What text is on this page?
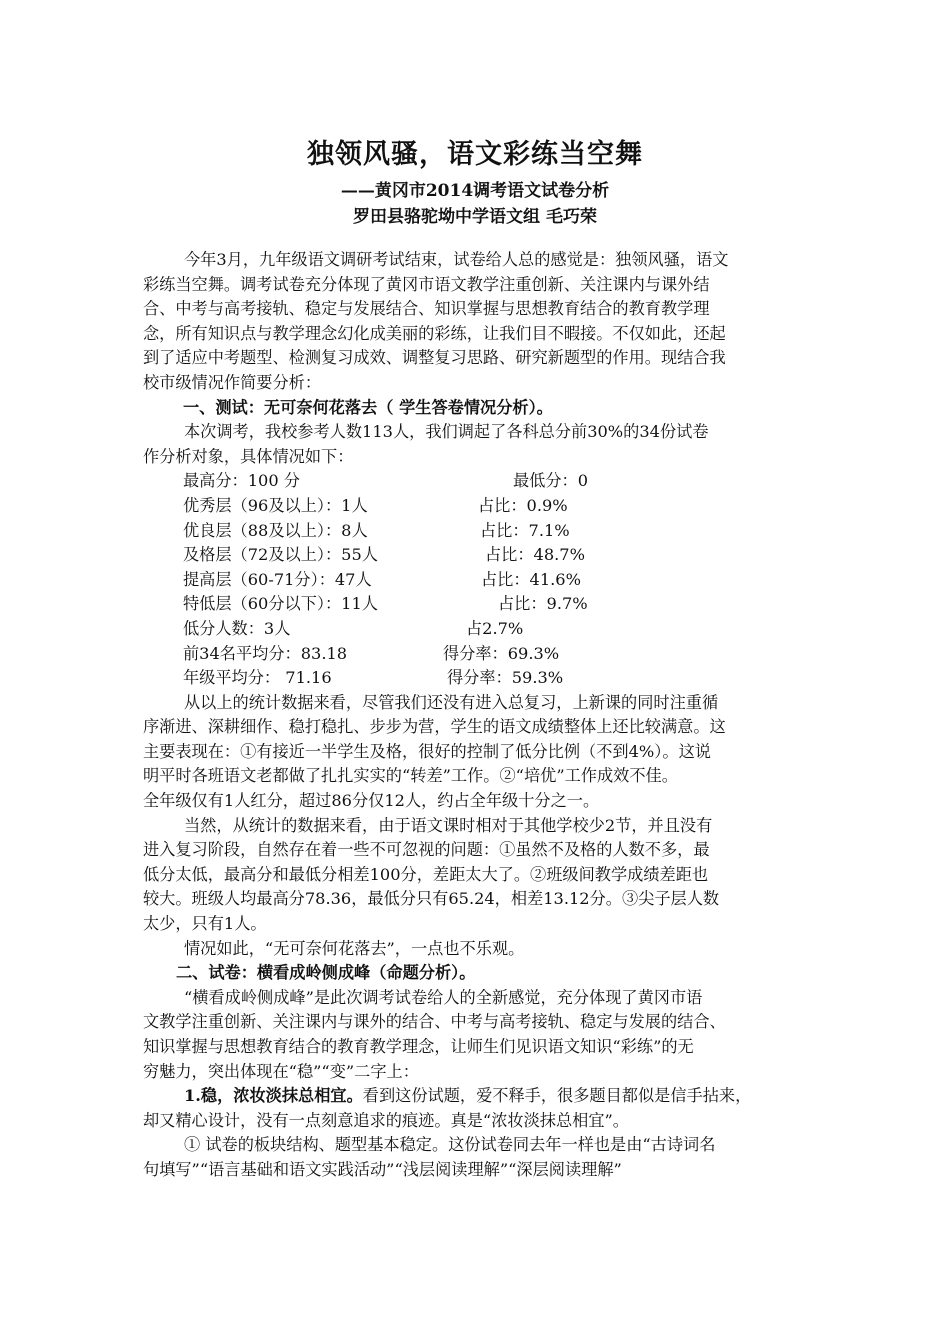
独领风骚，语文彩练当空舞
——黄冈市2014调考语文试卷分析
罗田县骆驼坳中学语文组 毛巧荣
今年3月，九年级语文调研考试结束，试卷给人总的感觉是：独领风骚，语文
彩练当空舞。调考试卷充分体现了黄冈市语文教学注重创新、关注课内与课外结
合、中考与高考接轨、稳定与发展结合、知识掌握与思想教育结合的教育教学理
念，所有知识点与教学理念幻化成美丽的彩练，让我们目不暇接。不仅如此，还起
到了适应中考题型、检测复习成效、调整复习思路、研究新题型的作用。现结合我
校市级情况作简要分析：
一、测试：无可奈何花落去（ 学生答卷情况分析）。
本次调考，我校参考人数113人，我们调起了各科总分前30%的34份试卷
作分析对象，具体情况如下：
最高分：100 分	最低分：0
优秀层（96及以上）：1人	占比：0.9%
优良层（88及以上）：8人	占比：7.1%
及格层（72及以上）：55人	占比：48.7%
提高层（60-71分）：47人	占比：41.6%
特低层（60分以下）：11人	占比：9.7%
低分人数：3人	占2.7%
前34名平均分：83.18	得分率：69.3%
年级平均分： 71.16	得分率：59.3%
从以上的统计数据来看，尽管我们还没有进入总复习，上新课的同时注重循
序渐进、深耕细作、稳打稳扎、步步为营，学生的语文成绩整体上还比较满意。这
主要表现在：①有接近一半学生及格，很好的控制了低分比例（不到4%）。这说
明平时各班语文老都做了扎扎实实的“转差”工作。②“培优”工作成效不佳。
全年级仅有1人红分，超过86分仅12人，约占全年级十分之一。
当然，从统计的数据来看，由于语文课时相对于其他学校少2节，并且没有
进入复习阶段，自然存在着一些不可忽视的问题：①虽然不及格的人数不多，最
低分太低，最高分和最低分相差100分，差距太大了。②班级间教学成绩差距也
较大。班级人均最高分78.36，最低分只有65.24，相差13.12分。③尖子层人数
太少，只有1人。
情况如此，“无可奈何花落去”，一点也不乐观。
二、试卷：横看成岭侧成峰（命题分析）。
“横看成岭侧成峰”是此次调考试卷给人的全新感觉，充分体现了黄冈市语
文教学注重创新、关注课内与课外的结合、中考与高考接轨、稳定与发展的结合、
知识掌握与思想教育结合的教育教学理念，让师生们见识语文知识“彩练”的无
穷魅力，突出体现在“稳”“变”二字上：
1.稳，浓妆淡抹总相宜。看到这份试题，爱不释手，很多题目都似是信手拈来，
却又精心设计，没有一点刻意追求的痕迹。真是“浓妆淡抹总相宜”。
① 试卷的板块结构、题型基本稳定。这份试卷同去年一样也是由“古诗词名
句填写”“语言基础和语文实践活动”“浅层阅读理解”“深层阅读理解”
